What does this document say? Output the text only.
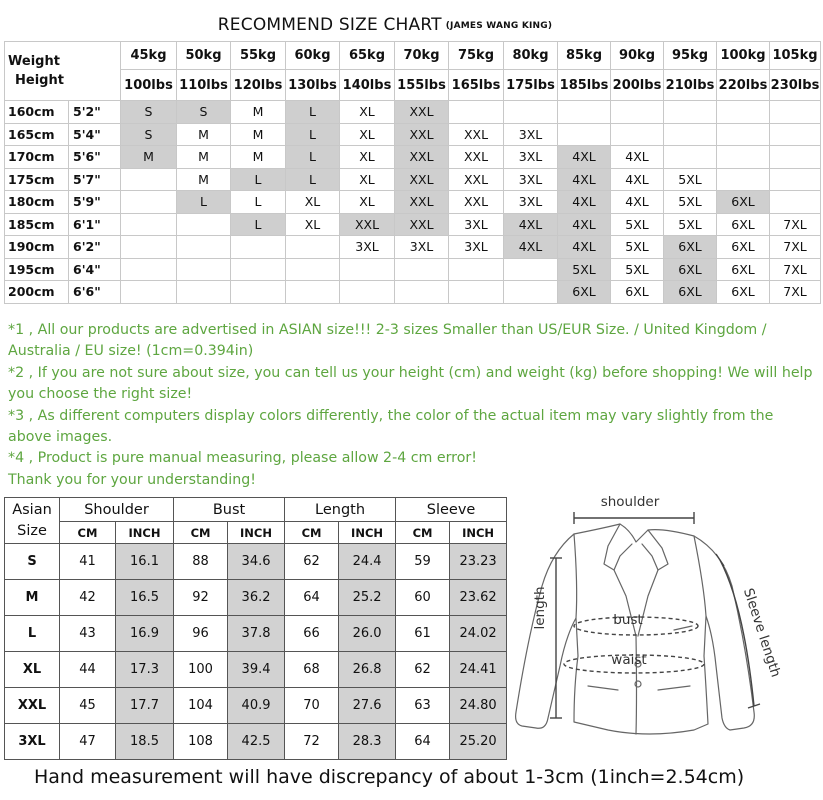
RECOMMEND SIZE CHART $^{(JAMES WANG KING)}$
Weight
Height		45kg	50kg	55kg	60kg	65kg	70kg	75kg	80kg	85kg	90kg	95kg	100kg	105kg
		100lbs	110lbs	120lbs	130lbs	140lbs	155lbs	165lbs	175lbs	185lbs	200lbs	210lbs	220lbs	230lbs
160cm	5'2"	S	S	M	L	XL	XXL							
165cm	5'4"	S	M	M	L	XL	XXL	XXL	3XL					
170cm	5'6"	M	M	M	L	XL	XXL	XXL	3XL	4XL	4XL			
175cm	5'7"		M	L	L	XL	XXL	XXL	3XL	4XL	4XL	5XL		
180cm	5'9"		L	L	XL	XL	XXL	XXL	3XL	4XL	4XL	5XL	6XL	
185cm	6'1"			L	XL	XXL	XXL	3XL	4XL	4XL	5XL	5XL	6XL	7XL
190cm	6'2"					3XL	3XL	3XL	4XL	4XL	5XL	6XL	6XL	7XL
195cm	6'4"									5XL	5XL	6XL	6XL	7XL
200cm	6'6"									6XL	6XL	6XL	6XL	7XL

*1 , All our products are advertised in ASIAN size!!! 2-3 sizes Smaller than US/EUR Size. / United Kingdom / Australia / EU size! (1cm=0.394in)

*2 , If you are not sure about size, you can tell us your height (cm) and weight (kg) before shopping! We will help you choose the right size!

*3 , As different computers display colors differently, the color of the actual item may vary slightly from the above images.

*4 , Product is pure manual measuring, please allow 2-4 cm error!

Thank you for your understanding!

Asian
Size	Shoulder		Bust		Length		Sleeve	
	CM	INCH	CM	INCH	CM	INCH	CM	INCH
S	41	16.1	88	34.6	62	24.4	59	23.23
M	42	16.5	92	36.2	64	25.2	60	23.62
L	43	16.9	96	37.8	66	26.0	61	24.02
XL	44	17.3	100	39.4	68	26.8	62	24.41
XXL	45	17.7	104	40.9	70	27.6	63	24.80
3XL	47	18.5	108	42.5	72	28.3	64	25.20
shoulder
length	bust
waist	Sleeve length
Hand measurement will have discrepancy of about 1-3cm (1inch=2.54cm)
